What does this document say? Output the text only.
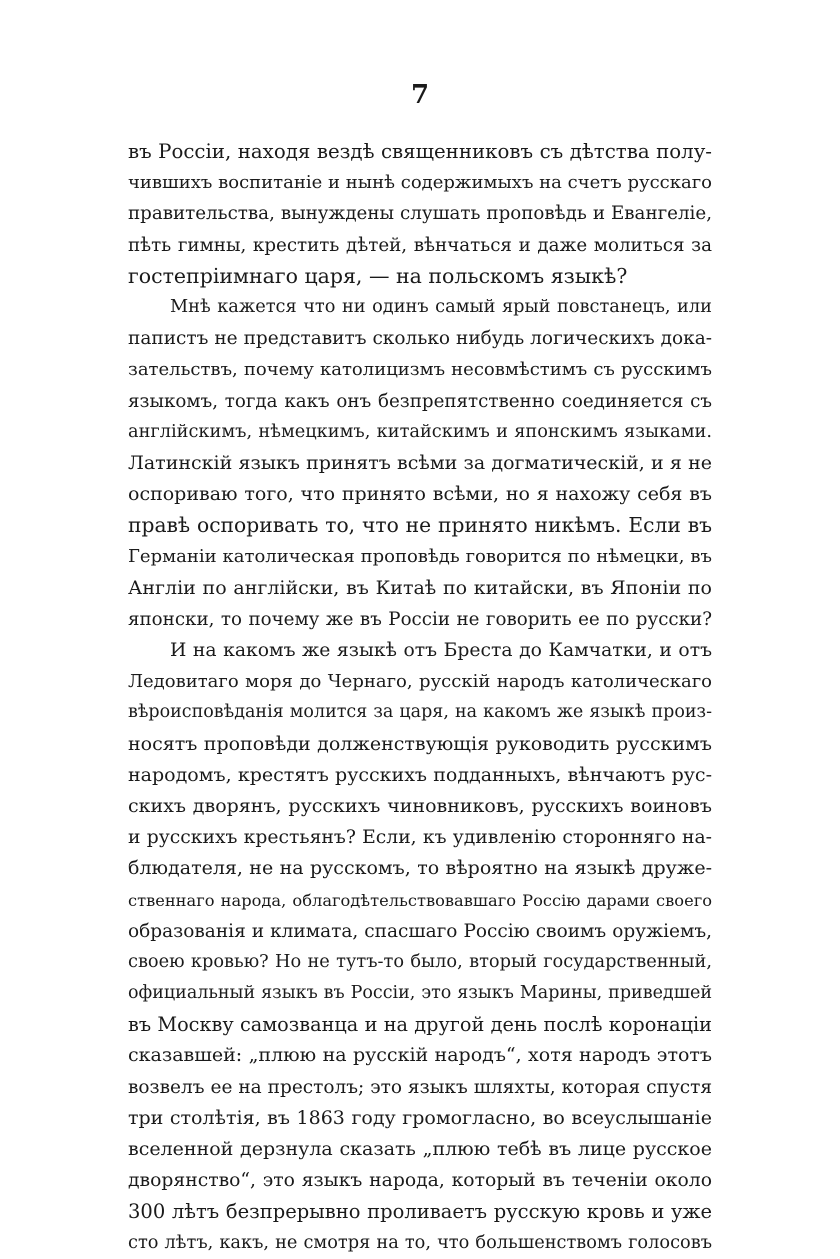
7
въ Россіи, находя вездѣ священниковъ съ дѣтства полу-
чившихъ воспитаніе и нынѣ содержимыхъ на счетъ русскаго
правительства, вынуждены слушать проповѣдь и Евангеліе,
пѣть гимны, крестить дѣтей, вѣнчаться и даже молиться за
гостепріимнаго царя, — на польскомъ языкѣ?
Мнѣ кажется что ни одинъ самый ярый повстанецъ, или
папистъ не представитъ сколько нибудь логическихъ дока-
зательствъ, почему католицизмъ несовмѣстимъ съ русскимъ
языкомъ, тогда какъ онъ безпрепятственно соединяется съ
англійскимъ, нѣмецкимъ, китайскимъ и японскимъ языками.
Латинскій языкъ принятъ всѣми за догматическій, и я не
оспориваю того, что принято всѣми, но я нахожу себя въ
правѣ оспоривать то, что не принято никѣмъ. Если въ
Германіи католическая проповѣдь говорится по нѣмецки, въ
Англіи по англійски, въ Китаѣ по китайски, въ Японіи по
японски, то почему же въ Россіи не говорить ее по русски?
И на какомъ же языкѣ отъ Бреста до Камчатки, и отъ
Ледовитаго моря до Чернаго, русскій народъ католическаго
вѣроисповѣданія молится за царя, на какомъ же языкѣ произ-
носятъ проповѣди долженствующія руководить русскимъ
народомъ, крестятъ русскихъ подданныхъ, вѣнчаютъ рус-
скихъ дворянъ, русскихъ чиновниковъ, русскихъ воиновъ
и русскихъ крестьянъ? Если, къ удивленію сторонняго на-
блюдателя, не на русскомъ, то вѣроятно на языкѣ друже-
ственнаго народа, облагодѣтельствовавшаго Россію дарами своего
образованія и климата, спасшаго Россію своимъ оружіемъ,
своею кровью? Но не тутъ-то было, вторый государственный,
официальный языкъ въ Россіи, это языкъ Марины, приведшей
въ Москву самозванца и на другой день послѣ коронаціи
сказавшей: „плюю на русскій народъ“, хотя народъ этотъ
возвелъ ее на престолъ; это языкъ шляхты, которая спустя
три столѣтія, въ 1863 году громогласно, во всеуслышаніе
вселенной дерзнула сказать „плюю тебѣ въ лице русское
дворянство“, это языкъ народа, который въ теченіи около
300 лѣтъ безпрерывно проливаетъ русскую кровь и уже
сто лѣтъ, какъ, не смотря на то, что большенствомъ голосовъ
